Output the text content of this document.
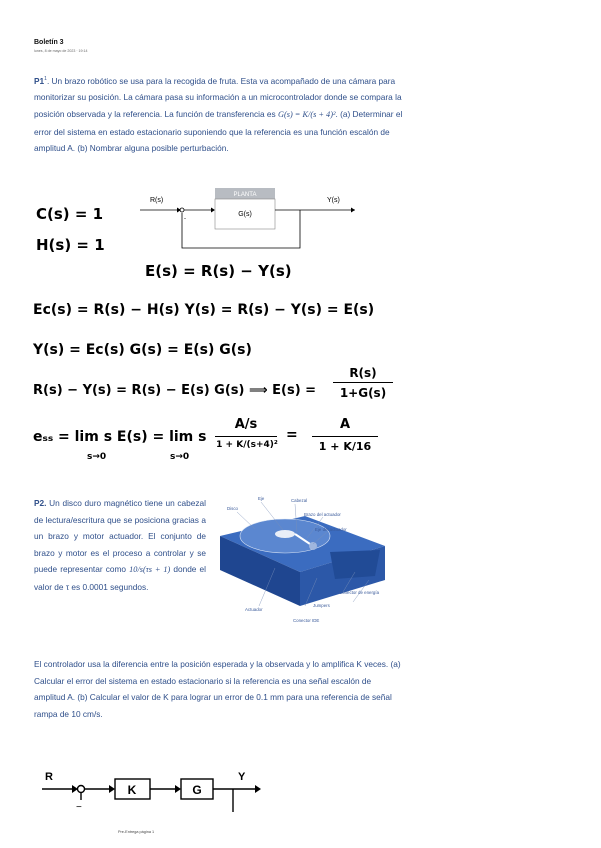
Boletín 3
lunes, 8 de mayo de 2023 · 19:14
$P1^1$. Un brazo robótico se usa para la recogida de fruta. Esta va acompañado de una cámara para monitorizar su posición. La cámara pasa su información a un microcontrolador donde se compara la posición observada y la referencia. La función de transferencia es G(s) = K/(s + 4)². (a) Determinar el error del sistema en estado estacionario suponiendo que la referencia es una función escalón de amplitud A. (b) Nombrar alguna posible perturbación.
R(s)	Y(s)
-
PLANTA
G(s)
C(s) = 1
H(s) = 1
E(s) = R(s) − Y(s)
Ec(s) = R(s) − H(s) Y(s) = R(s) − Y(s) = E(s)
Y(s) = Ec(s) G(s) = E(s) G(s)
R(s) − Y(s) = R(s) − E(s) G(s) ⟹ E(s) =
R(s)
1+G(s)
eₛₛ = lim s E(s) = lim s
s→0	s→0
A/s
1 + K/(s+4)²
=
A
1 + K/16
P2. Un disco duro magnético tiene un cabezal de lectura/escritura que se posiciona gracias a un brazo y motor actuador. El conjunto de brazo y motor es el proceso a controlar y se puede representar como 10/s(τs + 1) donde el valor de τ es 0.0001 segundos.
Disco
Eje	Cabezal
Brazo del actuador
Eje del actuador
Conector de energía
Jumpers
Actuador
Conector IDE
El controlador usa la diferencia entre la posición esperada y la observada y lo amplifica K veces. (a) Calcular el error del sistema en estado estacionario si la referencia es una señal escalón de amplitud A. (b) Calcular el valor de K para lograr un error de 0.1 mm para una referencia de señal rampa de 10 cm/s.
R	Y
−
K	G
Pre-Entrega página 1
